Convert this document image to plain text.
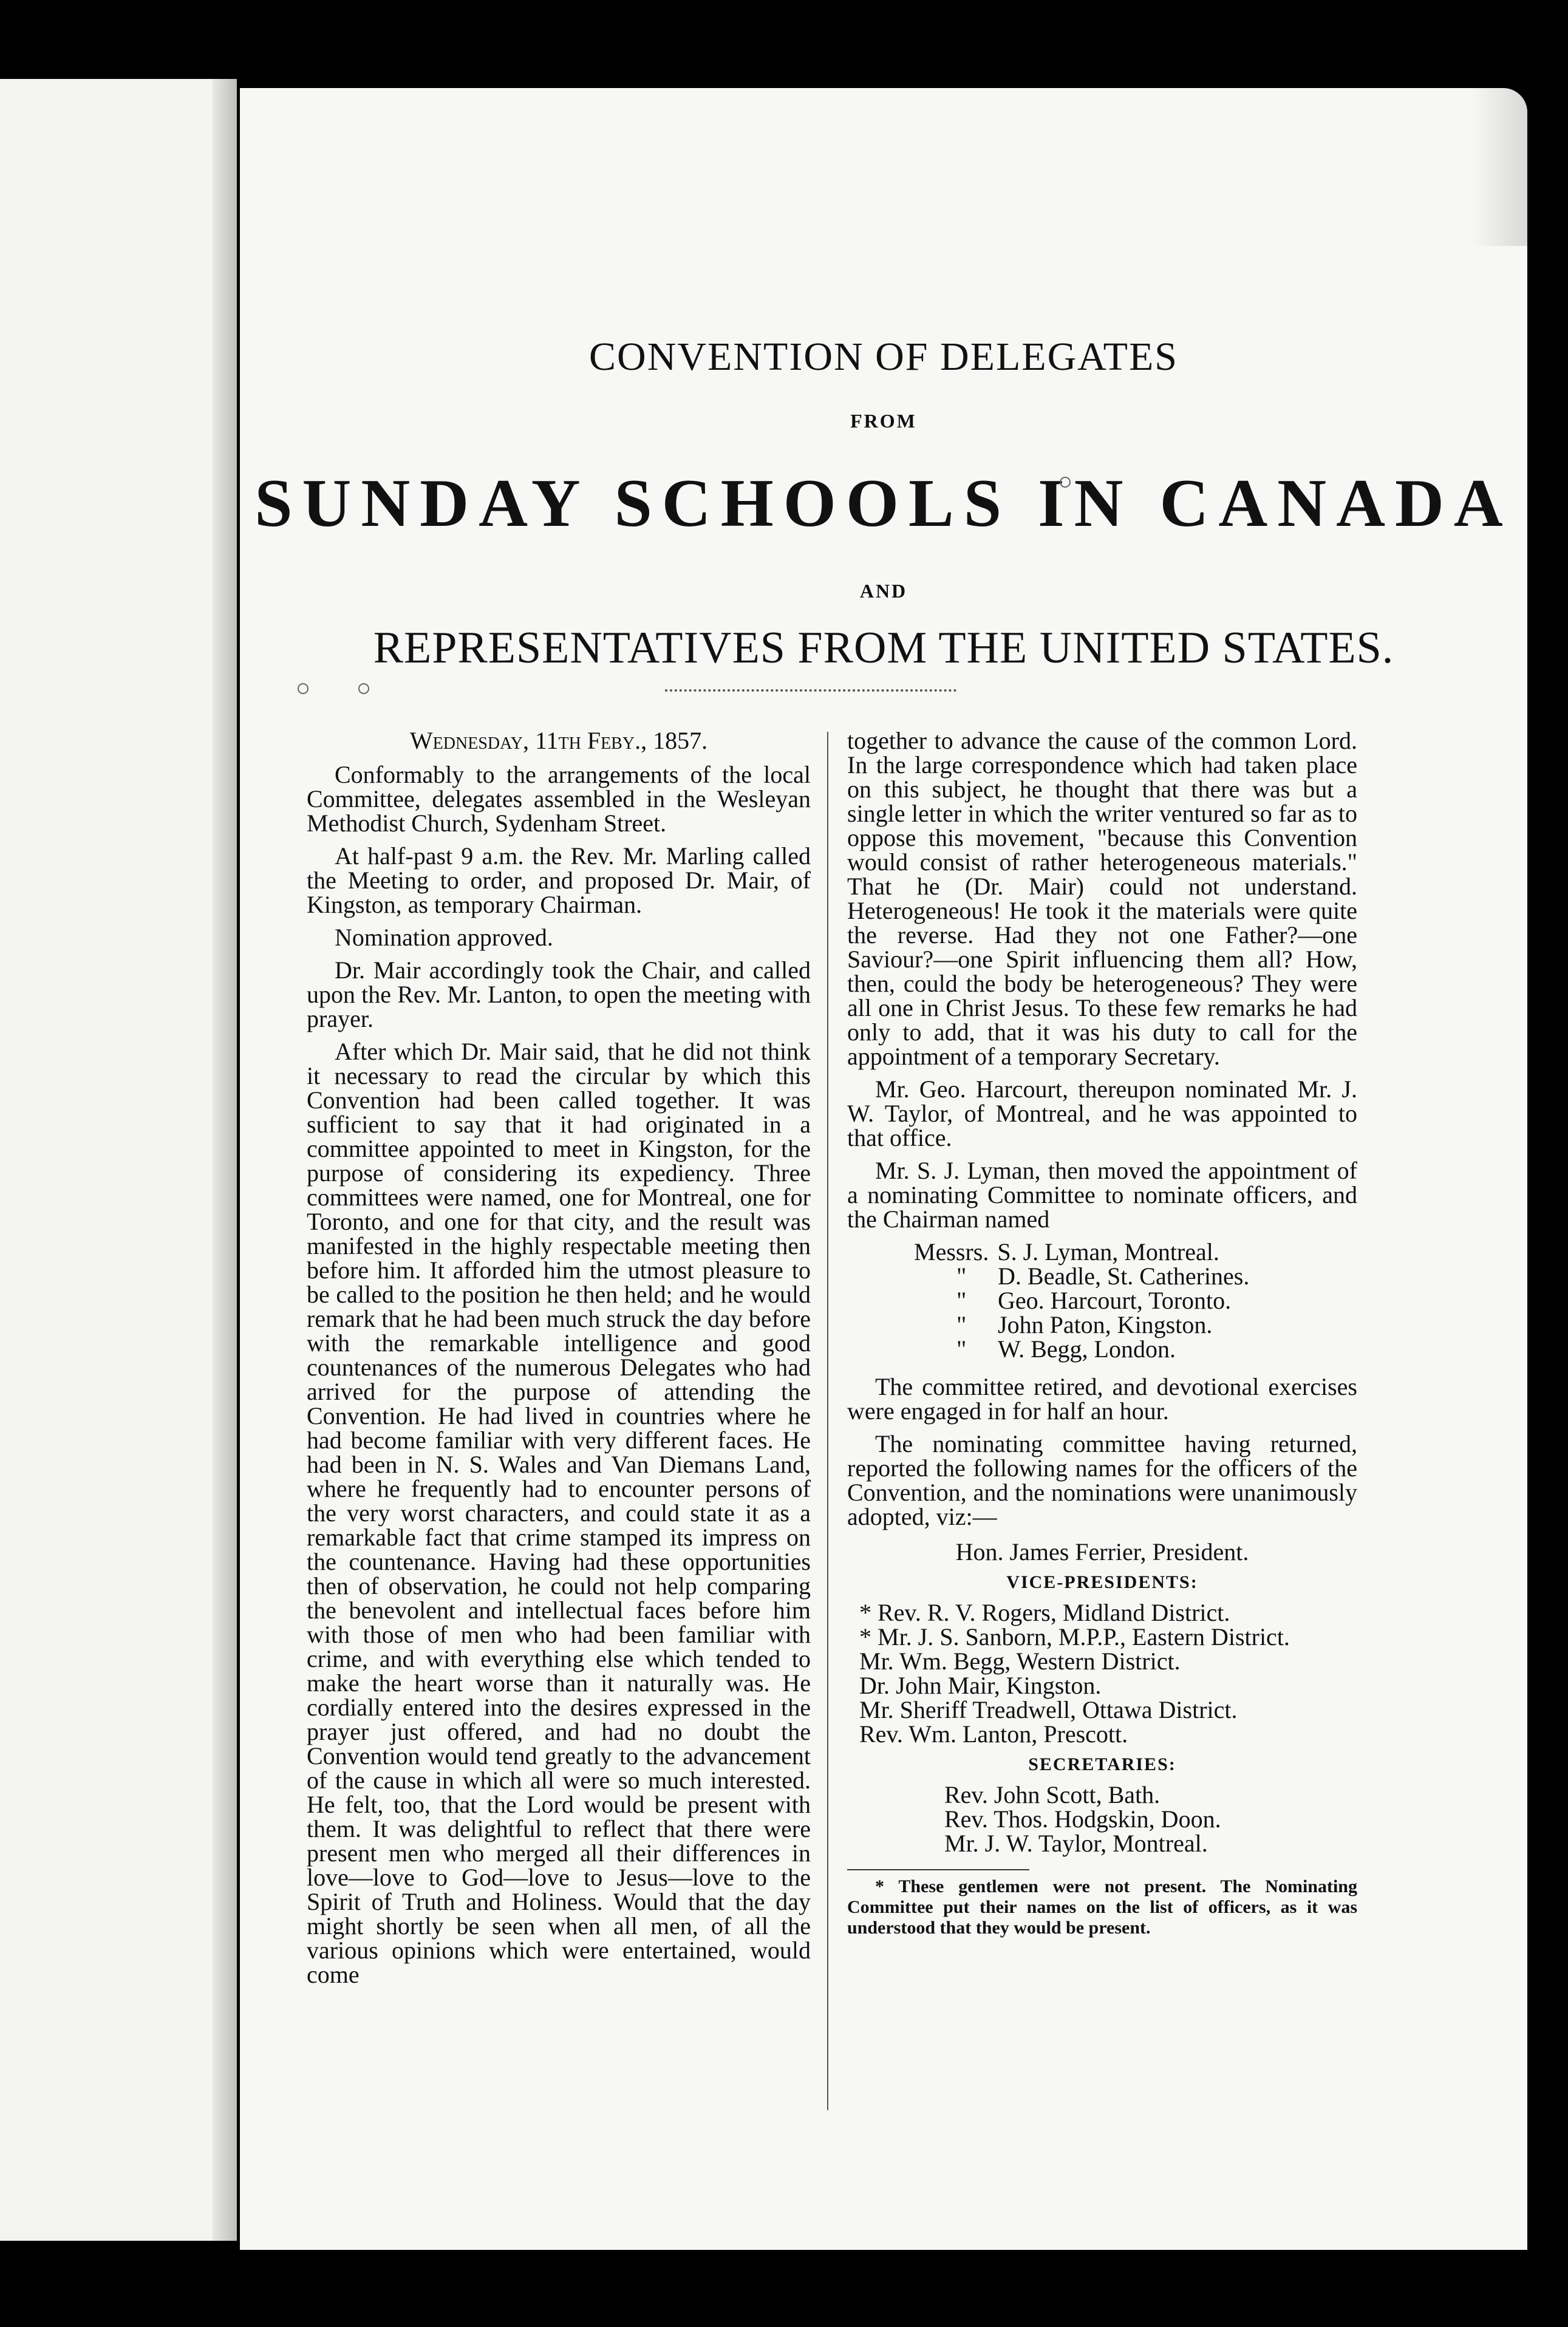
CONVENTION OF DELEGATES
FROM
SUNDAY SCHOOLS IN CANADA
AND
REPRESENTATIVES FROM THE UNITED STATES.
Wednesday, 11th Feby., 1857.

Conformably to the arrangements of the local Committee, delegates assembled in the Wesleyan Methodist Church, Sydenham Street.

At half-past 9 a.m. the Rev. Mr. Marling called the Meeting to order, and proposed Dr. Mair, of Kingston, as temporary Chairman.

Nomination approved.

Dr. Mair accordingly took the Chair, and called upon the Rev. Mr. Lanton, to open the meeting with prayer.

After which Dr. Mair said, that he did not think it necessary to read the circular by which this Convention had been called together. It was sufficient to say that it had originated in a committee appointed to meet in Kingston, for the purpose of considering its expediency. Three committees were named, one for Montreal, one for Toronto, and one for that city, and the result was manifested in the highly respectable meeting then before him. It afforded him the utmost pleasure to be called to the position he then held; and he would remark that he had been much struck the day before with the remarkable intelligence and good countenances of the numerous Delegates who had arrived for the purpose of attending the Convention. He had lived in countries where he had become familiar with very different faces. He had been in N. S. Wales and Van Diemans Land, where he frequently had to encounter persons of the very worst characters, and could state it as a remarkable fact that crime stamped its impress on the countenance. Having had these opportunities then of observation, he could not help comparing the benevolent and intellectual faces before him with those of men who had been familiar with crime, and with everything else which tended to make the heart worse than it naturally was. He cordially entered into the desires expressed in the prayer just offered, and had no doubt the Convention would tend greatly to the advancement of the cause in which all were so much interested. He felt, too, that the Lord would be present with them. It was delightful to reflect that there were present men who merged all their differences in love—love to God—love to Jesus—love to the Spirit of Truth and Holiness. Would that the day might shortly be seen when all men, of all the various opinions which were entertained, would come

together to advance the cause of the common Lord. In the large correspondence which had taken place on this subject, he thought that there was but a single letter in which the writer ventured so far as to oppose this movement, "because this Convention would consist of rather heterogeneous materials." That he (Dr. Mair) could not understand. Heterogeneous! He took it the materials were quite the reverse. Had they not one Father?—one Saviour?—one Spirit influencing them all? How, then, could the body be heterogeneous? They were all one in Christ Jesus. To these few remarks he had only to add, that it was his duty to call for the appointment of a temporary Secretary.

Mr. Geo. Harcourt, thereupon nominated Mr. J. W. Taylor, of Montreal, and he was appointed to that office.

Mr. S. J. Lyman, then moved the appointment of a nominating Committee to nominate officers, and the Chairman named

Messrs. S. J. Lyman, Montreal.
" D. Beadle, St. Catherines.
" Geo. Harcourt, Toronto.
" John Paton, Kingston.
" W. Begg, London.

The committee retired, and devotional exercises were engaged in for half an hour.

The nominating committee having returned, reported the following names for the officers of the Convention, and the nominations were unanimously adopted, viz:—

Hon. James Ferrier, President.
VICE-PRESIDENTS:
* Rev. R. V. Rogers, Midland District.
* Mr. J. S. Sanborn, M.P.P., Eastern District.
Mr. Wm. Begg, Western District.
Dr. John Mair, Kingston.
Mr. Sheriff Treadwell, Ottawa District.
Rev. Wm. Lanton, Prescott.
SECRETARIES:
Rev. John Scott, Bath.
Rev. Thos. Hodgskin, Doon.
Mr. J. W. Taylor, Montreal.

* These gentlemen were not present. The Nominating Committee put their names on the list of officers, as it was understood that they would be present.
